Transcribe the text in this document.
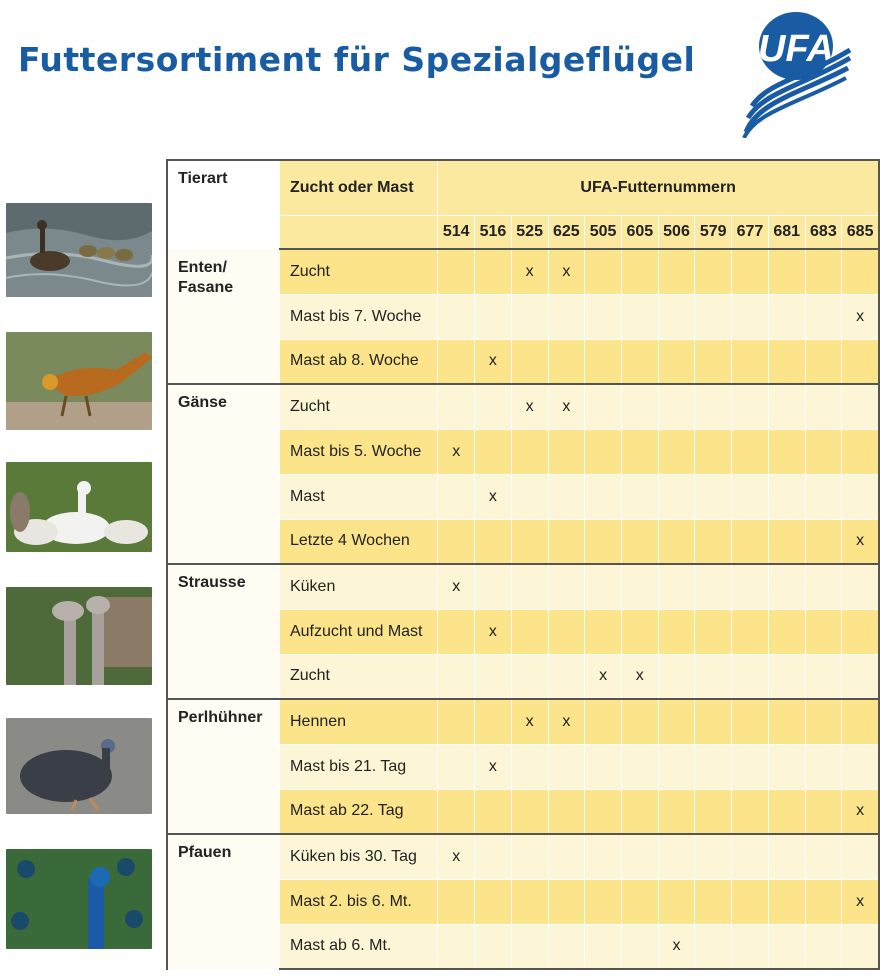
Futtersortiment für Spezialgeflügel UFA
Tierart	Zucht oder Mast	UFA-Futternummern											
		514	516	525	625	505	605	506	579	677	681	683	685

Enten/
Fasane	Zucht			x	x								
	Mast bis 7. Woche												x
	Mast ab 8. Woche		x										

Gänse	Zucht			x	x								
	Mast bis 5. Woche	x											
	Mast		x										
	Letzte 4 Wochen												x

Strausse	Küken	x											
	Aufzucht und Mast		x										
	Zucht					x	x						

Perlhühner	Hennen			x	x								
	Mast bis 21. Tag		x										
	Mast ab 22. Tag												x

Pfauen	Küken bis 30. Tag	x											
	Mast 2. bis 6. Mt.												x
	Mast ab 6. Mt.							x					
